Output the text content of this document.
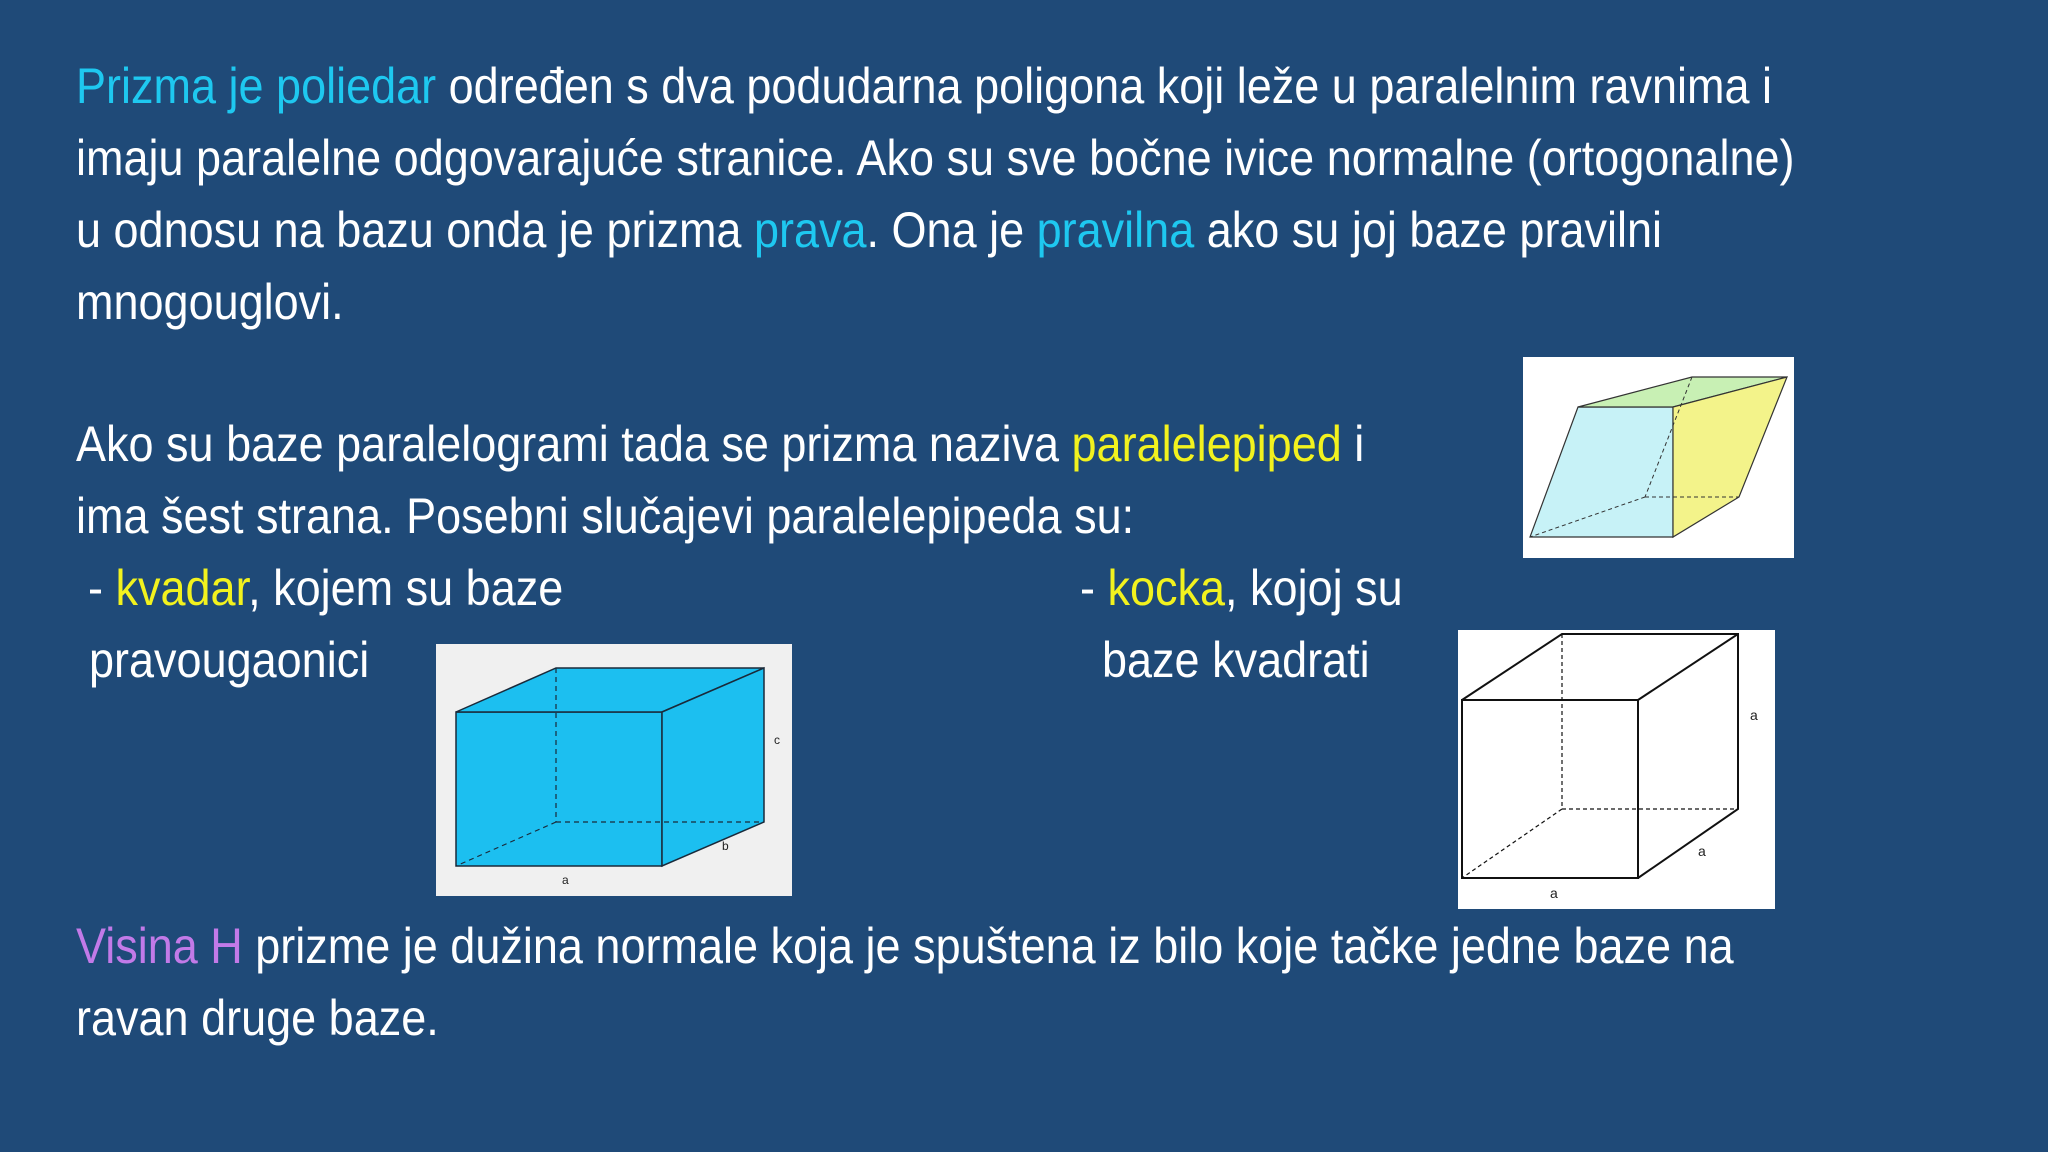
Prizma je poliedar određen s dva podudarna poligona koji leže u paralelnim ravnima i
imaju paralelne odgovarajuće stranice. Ako su sve bočne ivice normalne (ortogonalne)
u odnosu na bazu onda je prizma prava. Ona je pravilna ako su joj baze pravilni
mnogouglovi.

Ako su baze paralelogrami tada se prizma naziva paralelepiped i
ima šest strana. Posebni slučajevi paralelepipeda su:

- kvadar, kojem su baze

pravougaonici

- kocka, kojoj su

baze kvadrati

Visina H prizme je dužina normale koja je spuštena iz bilo koje tačke jedne baze na
ravan druge baze.

c
b
a
a
a
a
